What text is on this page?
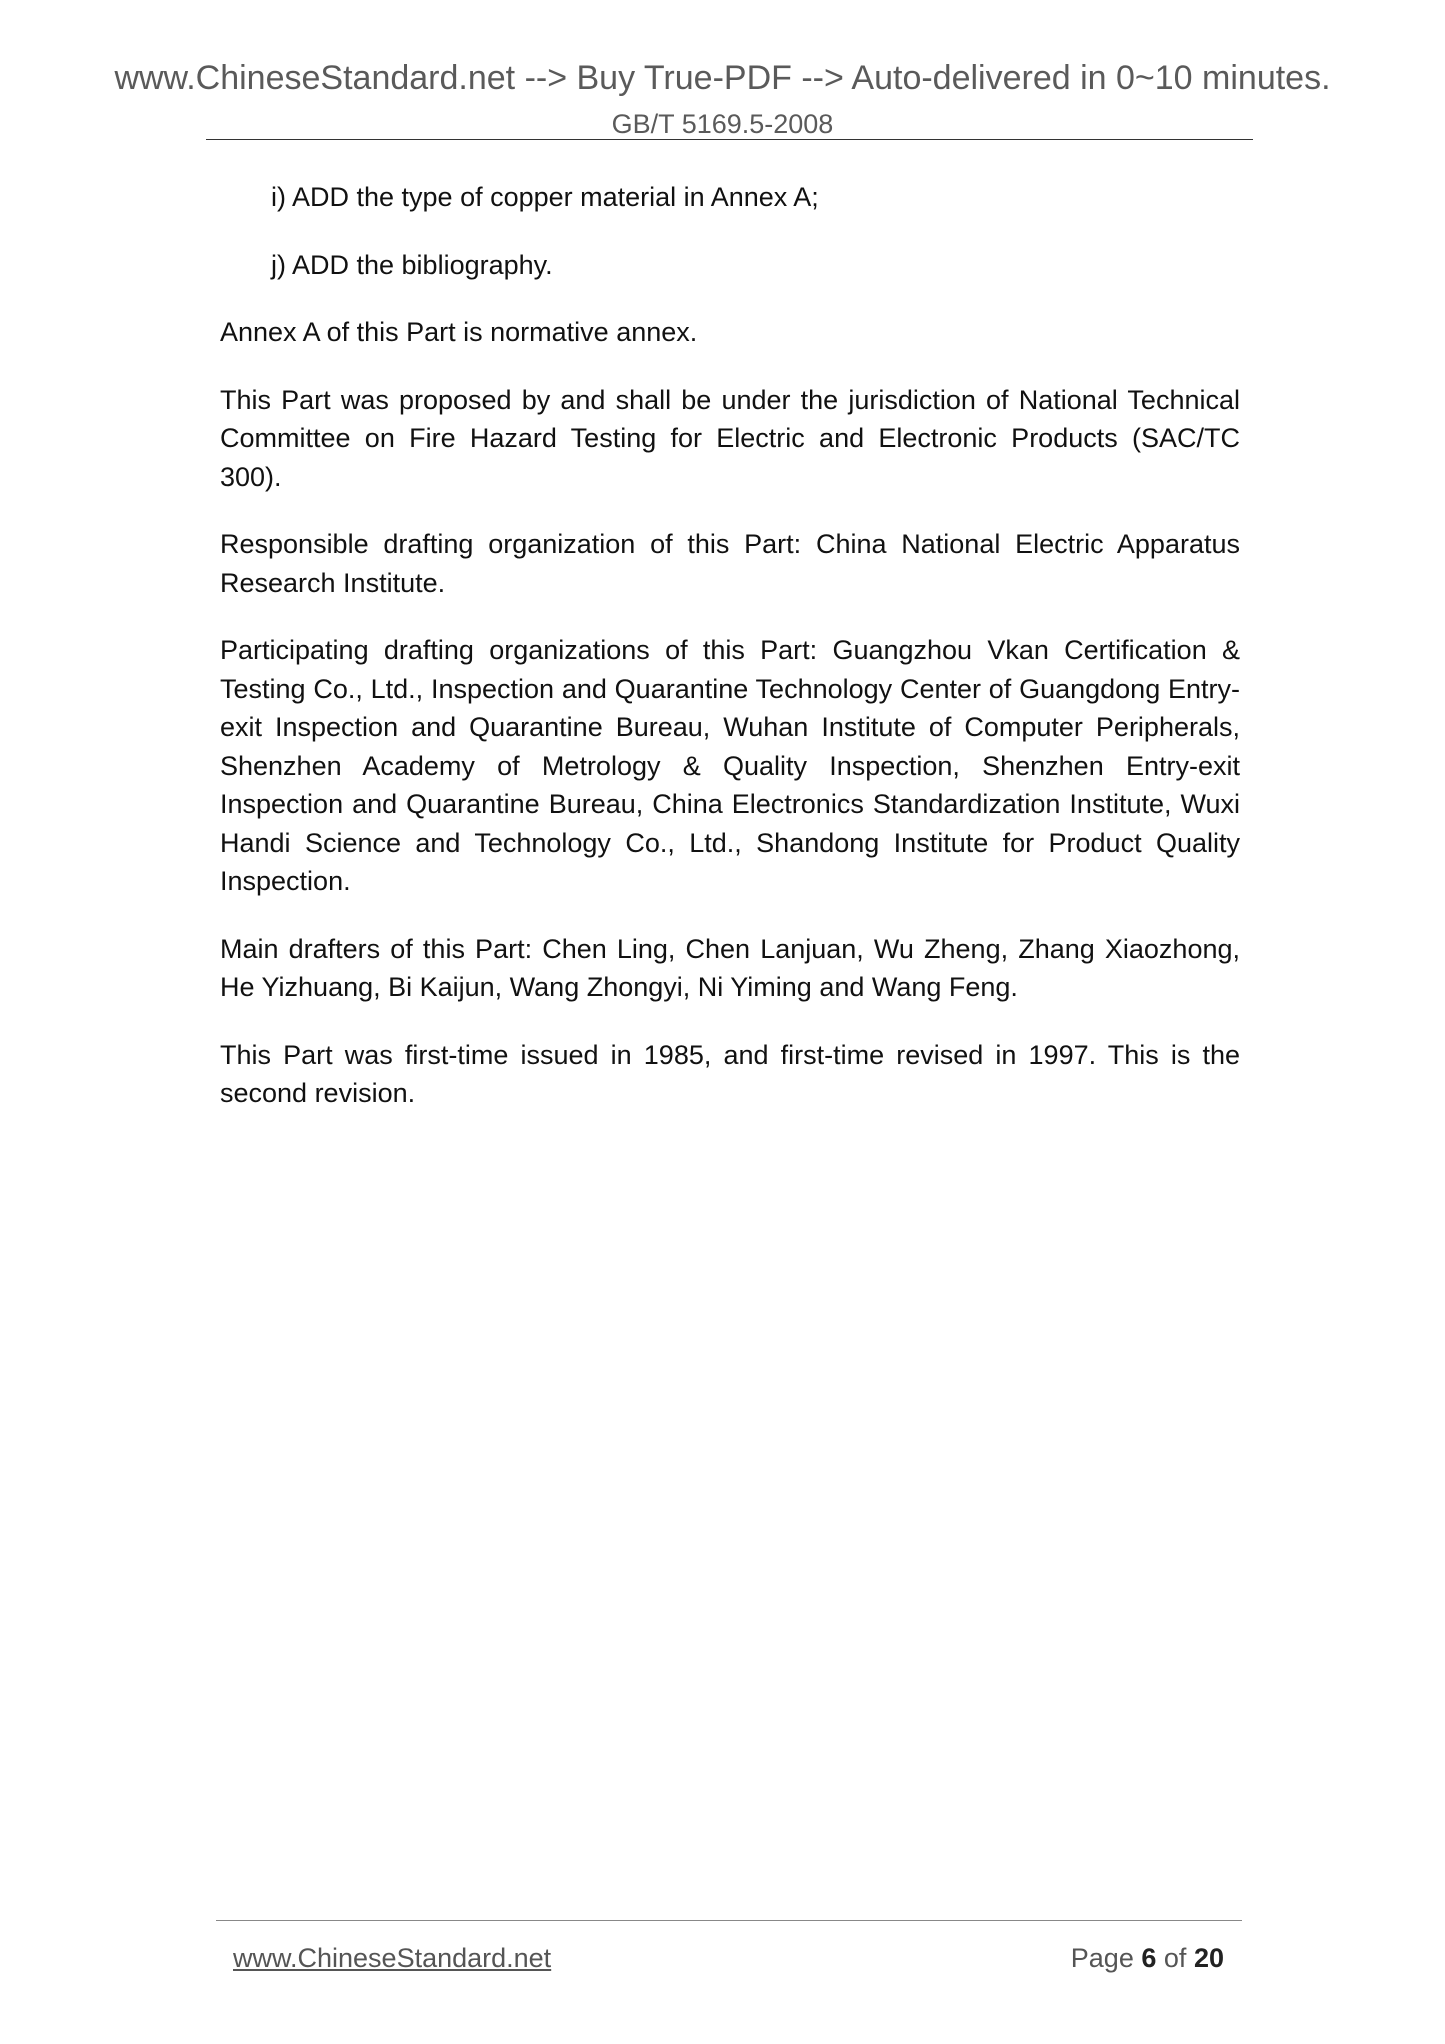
www.ChineseStandard.net --> Buy True-PDF --> Auto-delivered in 0~10 minutes.
GB/T 5169.5-2008

i) ADD the type of copper material in Annex A;

j) ADD the bibliography.

Annex A of this Part is normative annex.

This Part was proposed by and shall be under the jurisdiction of National Technical Committee on Fire Hazard Testing for Electric and Electronic Products (SAC/TC 300).

Responsible drafting organization of this Part: China National Electric Apparatus Research Institute.

Participating drafting organizations of this Part: Guangzhou Vkan Certification & Testing Co., Ltd., Inspection and Quarantine Technology Center of Guangdong Entry-exit Inspection and Quarantine Bureau, Wuhan Institute of Computer Peripherals, Shenzhen Academy of Metrology & Quality Inspection, Shenzhen Entry-exit Inspection and Quarantine Bureau, China Electronics Standardization Institute, Wuxi Handi Science and Technology Co., Ltd., Shandong Institute for Product Quality Inspection.

Main drafters of this Part: Chen Ling, Chen Lanjuan, Wu Zheng, Zhang Xiaozhong, He Yizhuang, Bi Kaijun, Wang Zhongyi, Ni Yiming and Wang Feng.

This Part was first-time issued in 1985, and first-time revised in 1997. This is the second revision.

www.ChineseStandard.net	Page 6 of 20
